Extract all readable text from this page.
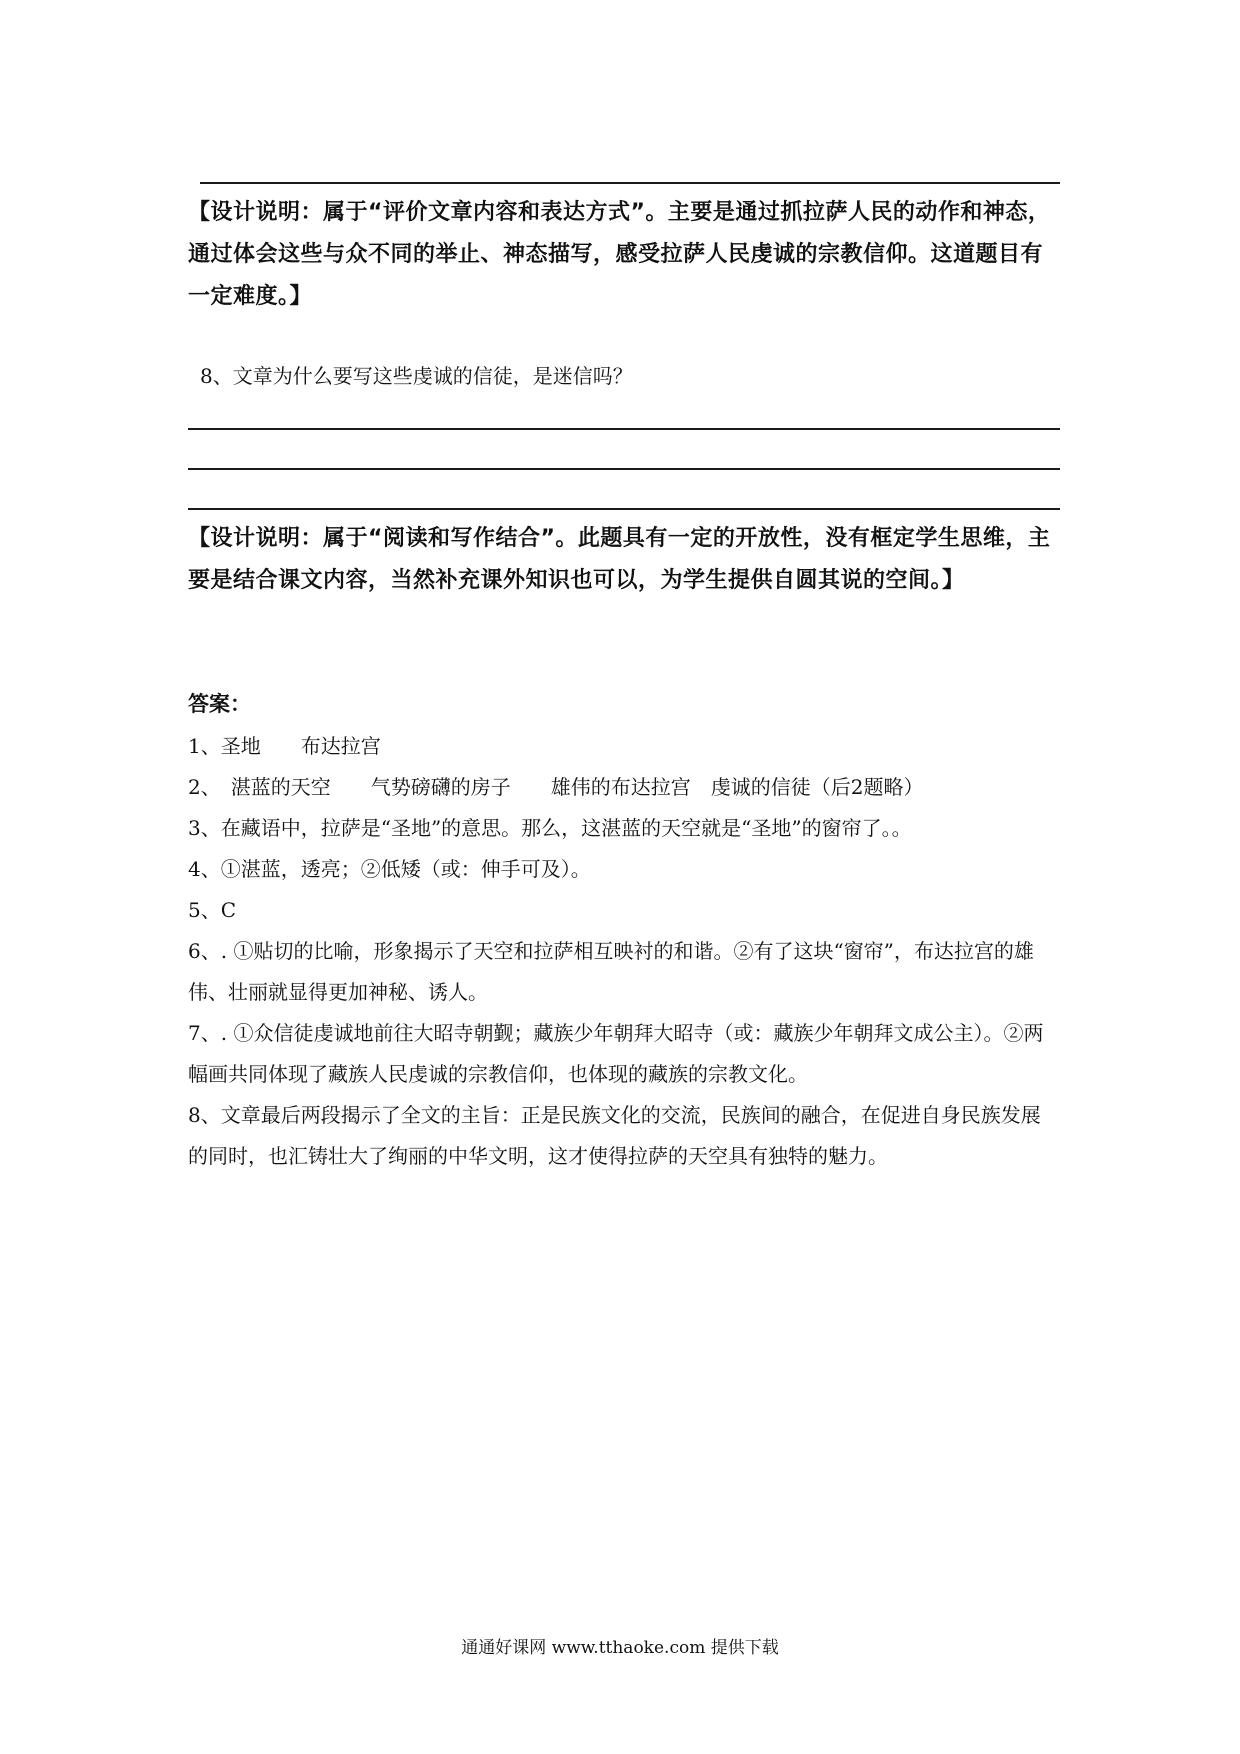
【设计说明：属于“评价文章内容和表达方式”。主要是通过抓拉萨人民的动作和神态，通过体会这些与众不同的举止、神态描写，感受拉萨人民虔诚的宗教信仰。这道题目有一定难度。】
8、文章为什么要写这些虔诚的信徒，是迷信吗？
【设计说明：属于“阅读和写作结合”。此题具有一定的开放性，没有框定学生思维，主要是结合课文内容，当然补充课外知识也可以，为学生提供自圆其说的空间。】
答案：
1、圣地　　布达拉宫
2、　湛蓝的天空　　气势磅礴的房子　　雄伟的布达拉宫　虔诚的信徒（后2题略）
3、在藏语中，拉萨是“圣地”的意思。那么，这湛蓝的天空就是“圣地”的窗帘了。。
4、①湛蓝，透亮；②低矮（或：伸手可及）。
5、C
6、. ①贴切的比喻，形象揭示了天空和拉萨相互映衬的和谐。②有了这块“窗帘”，布达拉宫的雄伟、壮丽就显得更加神秘、诱人。
7、. ①众信徒虔诚地前往大昭寺朝觐；藏族少年朝拜大昭寺（或：藏族少年朝拜文成公主）。②两幅画共同体现了藏族人民虔诚的宗教信仰，也体现的藏族的宗教文化。
8、文章最后两段揭示了全文的主旨：正是民族文化的交流，民族间的融合，在促进自身民族发展的同时，也汇铸壮大了绚丽的中华文明，这才使得拉萨的天空具有独特的魅力。
通通好课网 www.tthaoke.com 提供下载
